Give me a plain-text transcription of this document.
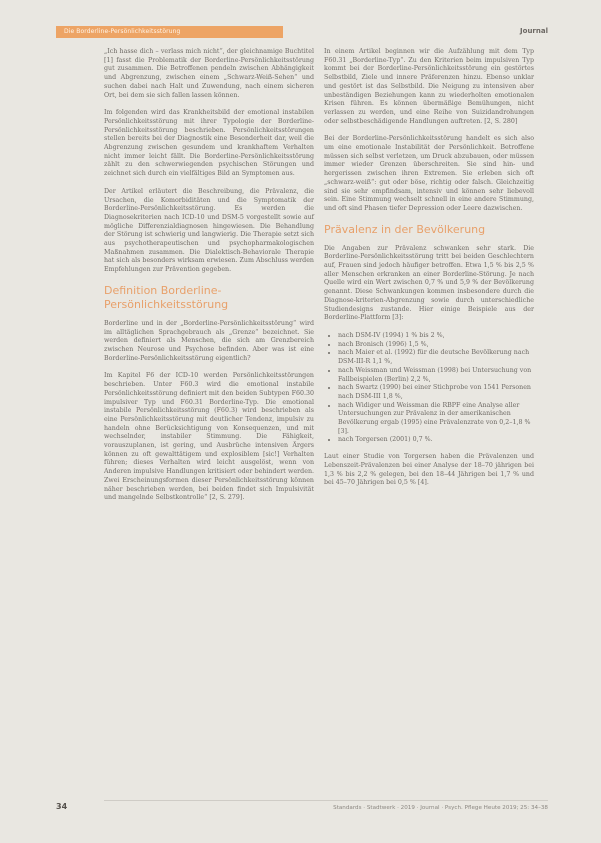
Die Borderline-Persönlichkeitsstörung	Journal

„Ich hasse dich – verlass mich nicht“, der gleichnamige Buchtitel [1] fasst die Problematik der Borderline-Persönlichkeitsstörung gut zusammen. Die Betroffenen pendeln zwischen Abhängigkeit und Abgrenzung, zwischen einem „Schwarz-Weiß-Sehen“ und suchen dabei nach Halt und Zuwendung, nach einem sicheren Ort, bei dem sie sich fallen lassen können.

Im folgenden wird das Krankheitsbild der emotional instabilen Persönlichkeitsstörung mit ihrer Typologie der Borderline-Persönlichkeitsstörung beschrieben. Persönlichkeitsstörungen stellen bereits bei der Diagnostik eine Besonderheit dar, weil die Abgrenzung zwischen gesundem und krankhaftem Verhalten nicht immer leicht fällt. Die Borderline-Persönlichkeitsstörung zählt zu den schwerwiegenden psychischen Störungen und zeichnet sich durch ein vielfältiges Bild an Symptomen aus.

Der Artikel erläutert die Beschreibung, die Prävalenz, die Ursachen, die Komorbiditäten und die Symptomatik der Borderline-Persönlichkeitsstörung. Es werden die Diagnosekriterien nach ICD-10 und DSM-5 vorgestellt sowie auf mögliche Differenzialdiagnosen hingewiesen. Die Behandlung der Störung ist schwierig und langwierig. Die Therapie setzt sich aus psychotherapeutischen und psychopharmakologischen Maßnahmen zusammen. Die Dialektisch-Behaviorale Therapie hat sich als besonders wirksam erwiesen. Zum Abschluss werden Empfehlungen zur Prävention gegeben.

Definition Borderline-Persönlichkeitsstörung

Borderline und in der „Borderline-Persönlichkeitsstörung“ wird im alltäglichen Sprachgebrauch als „Grenze“ bezeichnet. Sie werden definiert als Menschen, die sich am Grenzbereich zwischen Neurose und Psychose befinden. Aber was ist eine Borderline-Persönlichkeitsstörung eigentlich?

Im Kapitel F6 der ICD-10 werden Persönlichkeitsstörungen beschrieben. Unter F60.3 wird die emotional instabile Persönlichkeitsstörung definiert mit den beiden Subtypen F60.30 impulsiver Typ und F60.31 Borderline-Typ. Die emotional instabile Persönlichkeitsstörung (F60.3) wird beschrieben als eine Persönlichkeitsstörung mit deutlicher Tendenz, impulsiv zu handeln ohne Berücksichtigung von Konsequenzen, und mit wechselnder, instabiler Stimmung. Die Fähigkeit, vorauszuplanen, ist gering, und Ausbrüche intensiven Ärgers können zu oft gewalttätigem und explosiblem [sic!] Verhalten führen; dieses Verhalten wird leicht ausgelöst, wenn von Anderen impulsive Handlungen kritisiert oder behindert werden. Zwei Erscheinungsformen dieser Persönlichkeitsstörung können näher beschrieben werden, bei beiden findet sich Impulsivität und mangelnde Selbstkontrolle“ [2, S. 279].

In einem Artikel beginnen wir die Aufzählung mit dem Typ F60.31 „Borderline-Typ“. Zu den Kriterien beim impulsiven Typ kommt bei der Borderline-Persönlichkeitsstörung ein gestörtes Selbstbild, Ziele und innere Präferenzen hinzu. Ebenso unklar und gestört ist das Selbstbild. Die Neigung zu intensiven aber unbeständigen Beziehungen kann zu wiederholten emotionalen Krisen führen. Es können übermäßige Bemühungen, nicht verlassen zu werden, und eine Reihe von Suizidandrohungen oder selbstbeschädigende Handlungen auftreten. [2, S. 280]

Bei der Borderline-Persönlichkeitsstörung handelt es sich also um eine emotionale Instabilität der Persönlichkeit. Betroffene müssen sich selbst verletzen, um Druck abzubauen, oder müssen immer wieder Grenzen überschreiten. Sie sind hin- und hergerissen zwischen ihren Extremen. Sie erleben sich oft „schwarz-weiß“: gut oder böse, richtig oder falsch. Gleichzeitig sind sie sehr empfindsam, intensiv und können sehr liebevoll sein. Eine Stimmung wechselt schnell in eine andere Stimmung, und oft sind Phasen tiefer Depression oder Leere dazwischen.

Prävalenz in der Bevölkerung

Die Angaben zur Prävalenz schwanken sehr stark. Die Borderline-Persönlichkeitsstörung tritt bei beiden Geschlechtern auf, Frauen sind jedoch häufiger betroffen. Etwa 1,5 % bis 2,5 % aller Menschen erkranken an einer Borderline-Störung. Je nach Quelle wird ein Wert zwischen 0,7 % und 5,9 % der Bevölkerung genannt. Diese Schwankungen kommen insbesondere durch die Diagnose-kriterien-Abgrenzung sowie durch unterschiedliche Studiendesigns zustande. Hier einige Beispiele aus der Borderline-Plattform [3]:

• nach DSM-IV (1994) 1 % bis 2 %,
• nach Bronisch (1996) 1,5 %,
• nach Maier et al. (1992) für die deutsche Bevölkerung nach DSM-III-R 1,1 %,
• nach Weissman und Weissman (1998) bei Untersuchung von Fallbeispielen (Berlin) 2,2 %,
• nach Swartz (1990) bei einer Stichprobe von 1541 Personen nach DSM-III 1,8 %,
• nach Widiger und Weissman die RBPF eine Analyse aller Untersuchungen zur Prävalenz in der amerikanischen Bevölkerung ergab (1995) eine Prävalenzrate von 0,2–1,8 % [3].
• nach Torgersen (2001) 0,7 %.

Laut einer Studie von Torgersen haben die Prävalenzen und Lebenszeit-Prävalenzen bei einer Analyse der 18–70 jährigen bei 1,3 % bis 2,2 % gelegen, bei den 18–44 Jährigen bei 1,7 % und bei 45–70 Jährigen bei 0,5 % [4].

34	Standards · Stadtwerk · 2019 · Journal · Psych. Pflege Heute 2019; 25: 34–38
